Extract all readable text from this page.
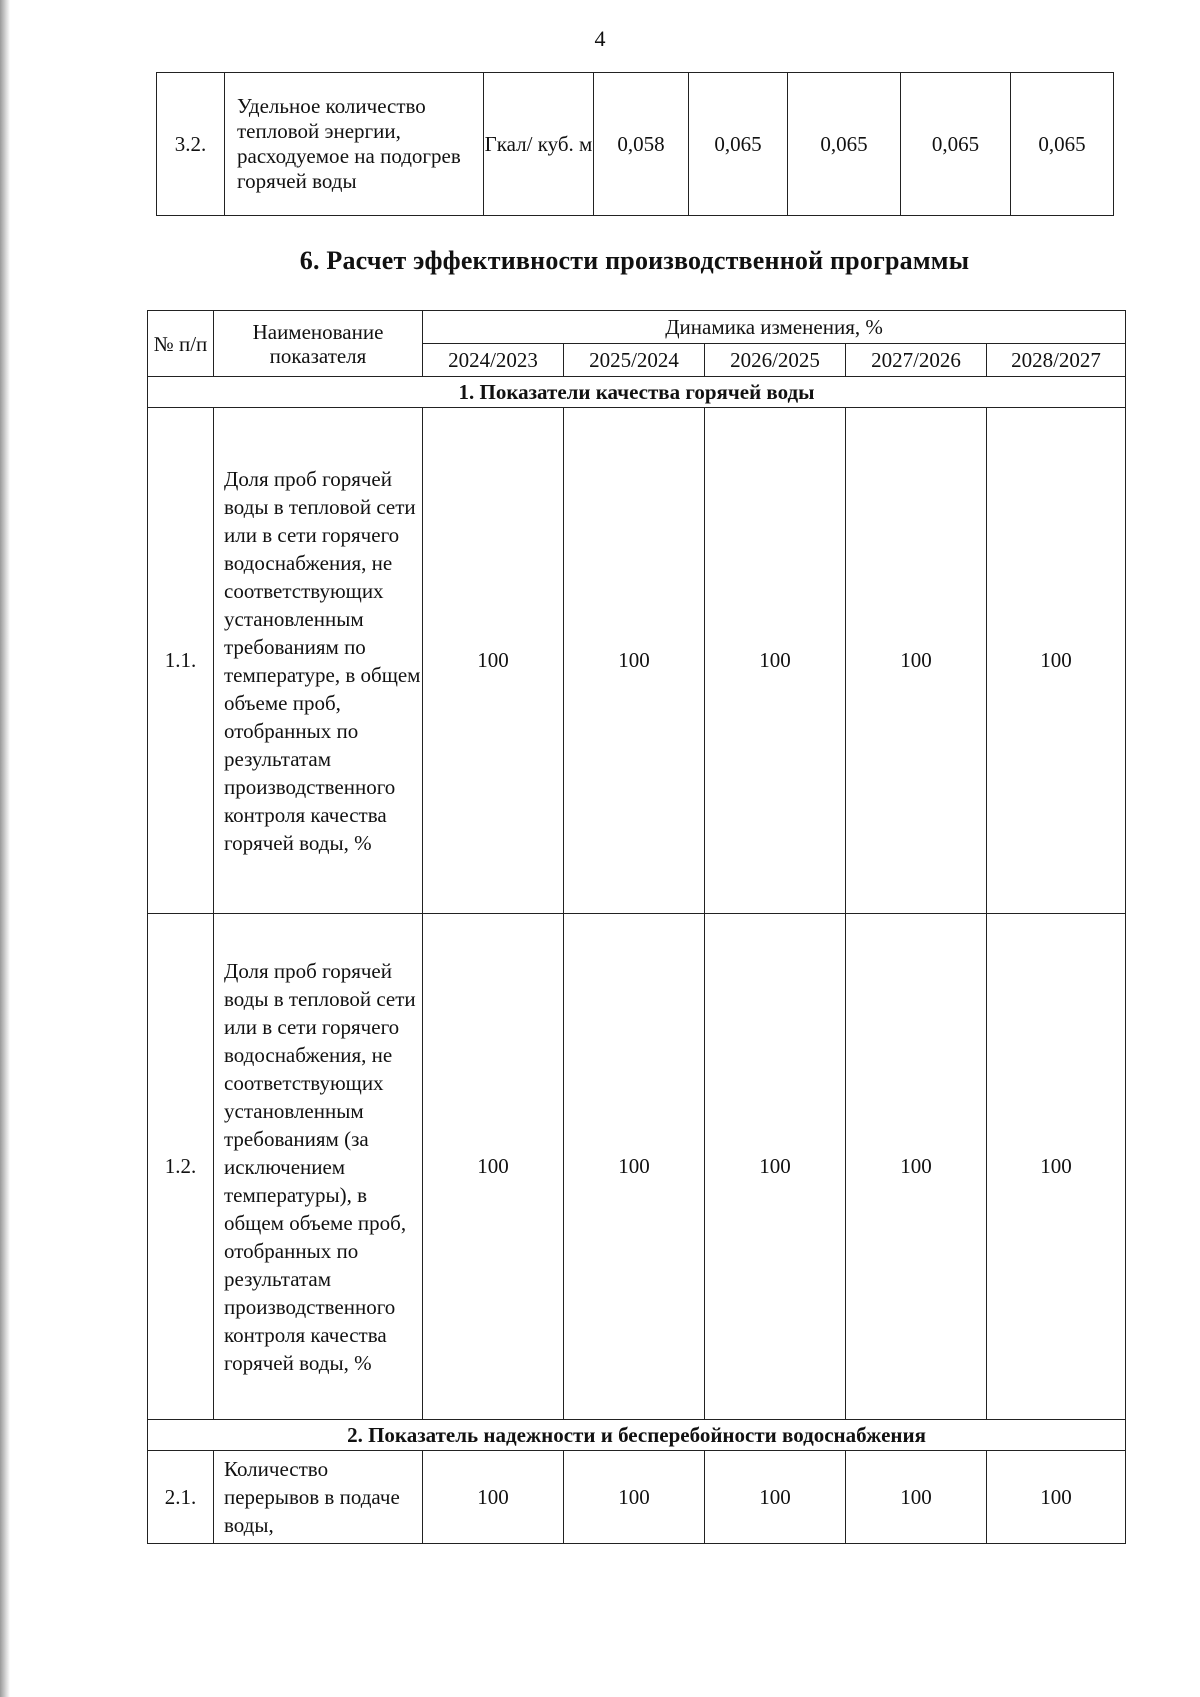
4
3.2.	Удельное количество тепловой энергии, расходуемое на подогрев горячей воды	Гкал/ куб. м	0,058	0,065	0,065	0,065	0,065
6. Расчет эффективности производственной программы
№ п/п	Наименование показателя	Динамика изменения, %				
		2024/2023	2025/2024	2026/2025	2027/2026	2028/2027
1. Показатели качества горячей воды						
1.1.	Доля проб горячей воды в тепловой сети или в сети горячего водоснабжения, не соответствующих установленным требованиям по температуре, в общем объеме проб, отобранных по результатам производственного контроля качества горячей воды, %	100	100	100	100	100
1.2.	Доля проб горячей воды в тепловой сети или в сети горячего водоснабжения, не соответствующих установленным требованиям (за исключением температуры), в общем объеме проб, отобранных по результатам производственного контроля качества горячей воды, %	100	100	100	100	100
2. Показатель надежности и бесперебойности водоснабжения						
2.1.	Количество перерывов в подаче воды,	100	100	100	100	100
